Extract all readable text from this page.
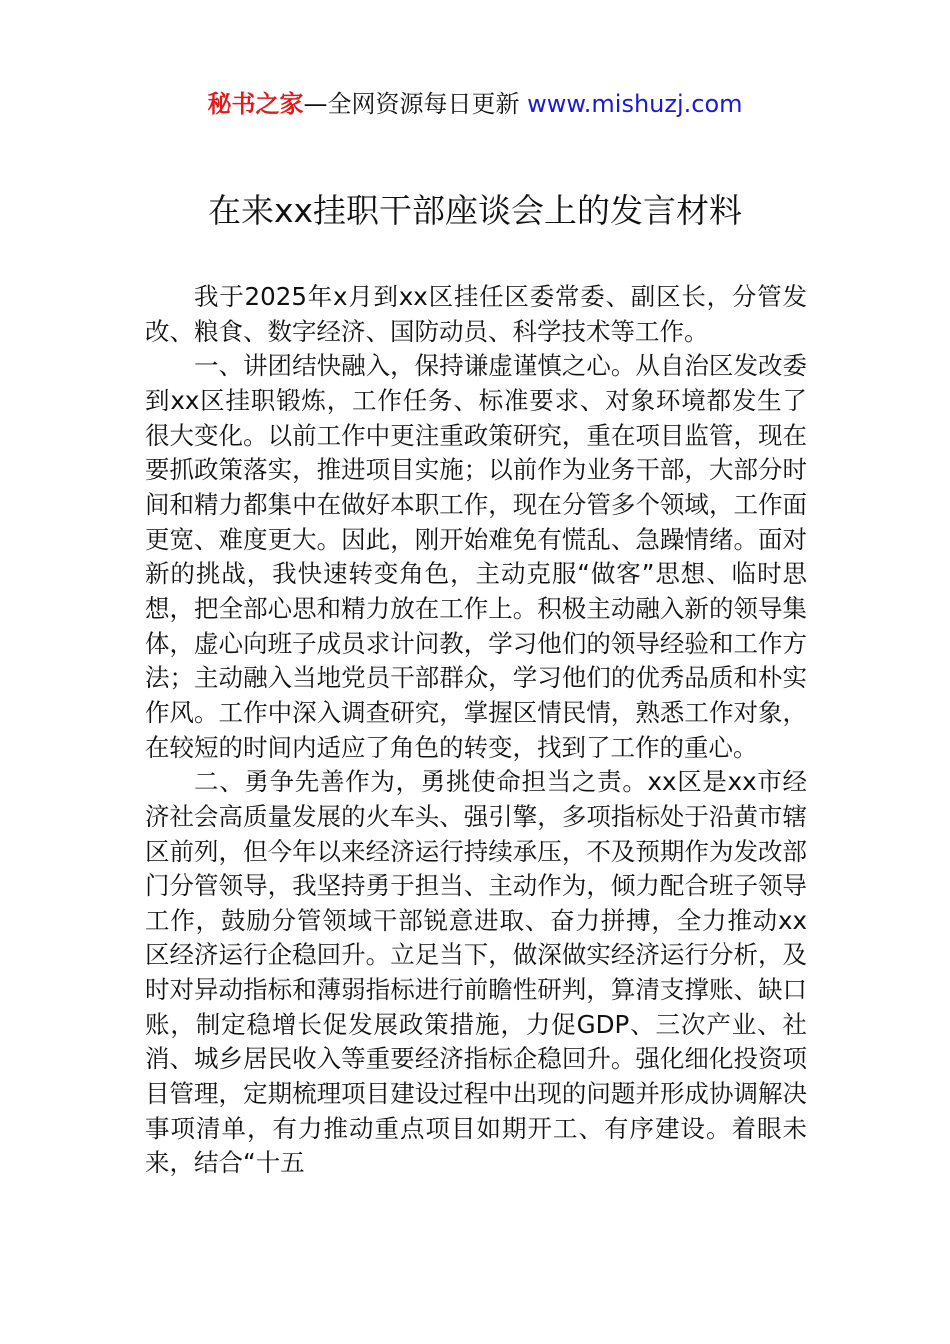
秘书之家—全网资源每日更新 www.mishuzj.com
在来xx挂职干部座谈会上的发言材料

我于2025年x月到xx区挂任区委常委、副区长，分管发改、粮食、数字经济、国防动员、科学技术等工作。

一、讲团结快融入，保持谦虚谨慎之心。从自治区发改委到xx区挂职锻炼，工作任务、标准要求、对象环境都发生了很大变化。以前工作中更注重政策研究，重在项目监管，现在要抓政策落实，推进项目实施；以前作为业务干部，大部分时间和精力都集中在做好本职工作，现在分管多个领域，工作面更宽、难度更大。因此，刚开始难免有慌乱、急躁情绪。面对新的挑战，我快速转变角色，主动克服“做客”思想、临时思想，把全部心思和精力放在工作上。积极主动融入新的领导集体，虚心向班子成员求计问教，学习他们的领导经验和工作方法；主动融入当地党员干部群众，学习他们的优秀品质和朴实作风。工作中深入调查研究，掌握区情民情，熟悉工作对象，在较短的时间内适应了角色的转变，找到了工作的重心。

二、勇争先善作为，勇挑使命担当之责。xx区是xx市经济社会高质量发展的火车头、强引擎，多项指标处于沿黄市辖区前列，但今年以来经济运行持续承压，不及预期作为发改部门分管领导，我坚持勇于担当、主动作为，倾力配合班子领导工作，鼓励分管领域干部锐意进取、奋力拼搏，全力推动xx区经济运行企稳回升。立足当下，做深做实经济运行分析，及时对异动指标和薄弱指标进行前瞻性研判，算清支撑账、缺口账，制定稳增长促发展政策措施，力促GDP、三次产业、社消、城乡居民收入等重要经济指标企稳回升。强化细化投资项目管理，定期梳理项目建设过程中出现的问题并形成协调解决事项清单，有力推动重点项目如期开工、有序建设。着眼未来，结合“十五
